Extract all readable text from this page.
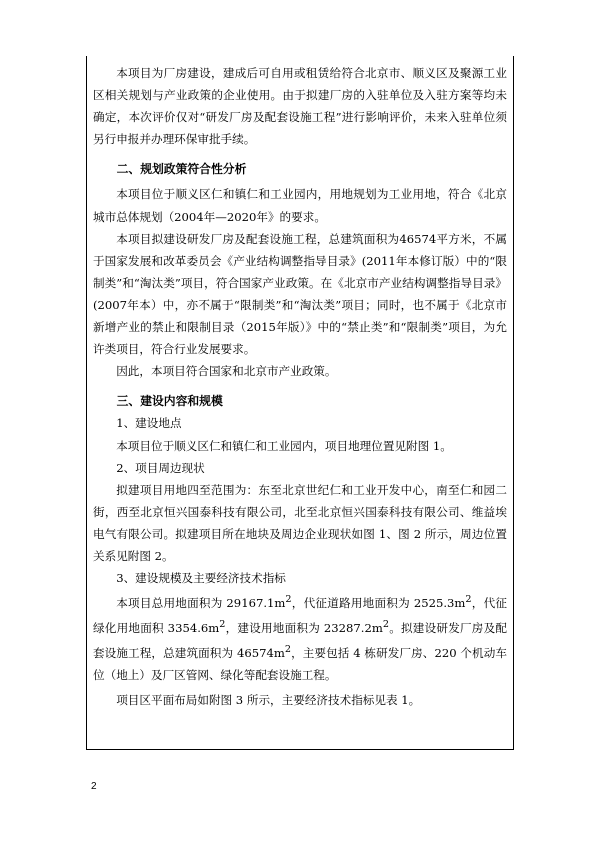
本项目为厂房建设，建成后可自用或租赁给符合北京市、顺义区及聚源工业区相关规划与产业政策的企业使用。由于拟建厂房的入驻单位及入驻方案等均未确定，本次评价仅对“研发厂房及配套设施工程”进行影响评价，未来入驻单位须另行申报并办理环保审批手续。

二、规划政策符合性分析

本项目位于顺义区仁和镇仁和工业园内，用地规划为工业用地，符合《北京城市总体规划（2004年—2020年》的要求。

本项目拟建设研发厂房及配套设施工程，总建筑面积为46574平方米，不属于国家发展和改革委员会《产业结构调整指导目录》(2011年本修订版）中的“限制类”和“淘汰类”项目，符合国家产业政策。在《北京市产业结构调整指导目录》(2007年本）中，亦不属于“限制类”和“淘汰类”项目；同时，也不属于《北京市新增产业的禁止和限制目录（2015年版）》中的“禁止类”和“限制类”项目，为允许类项目，符合行业发展要求。

因此，本项目符合国家和北京市产业政策。

三、建设内容和规模

1、建设地点

本项目位于顺义区仁和镇仁和工业园内，项目地理位置见附图 1。

2、项目周边现状

拟建项目用地四至范围为：东至北京世纪仁和工业开发中心，南至仁和园二街，西至北京恒兴国泰科技有限公司，北至北京恒兴国泰科技有限公司、维益埃电气有限公司。拟建项目所在地块及周边企业现状如图 1、图 2 所示，周边位置关系见附图 2。

3、建设规模及主要经济技术指标

本项目总用地面积为 $29167.1m^2$，代征道路用地面积为 $2525.3m^2$，代征绿化用地面积 $3354.6m^2$，建设用地面积为 $23287.2m^2$。拟建设研发厂房及配套设施工程，总建筑面积为 $46574m^2$，主要包括 4 栋研发厂房、220 个机动车位（地上）及厂区管网、绿化等配套设施工程。

项目区平面布局如附图 3 所示，主要经济技术指标见表 1。

2
